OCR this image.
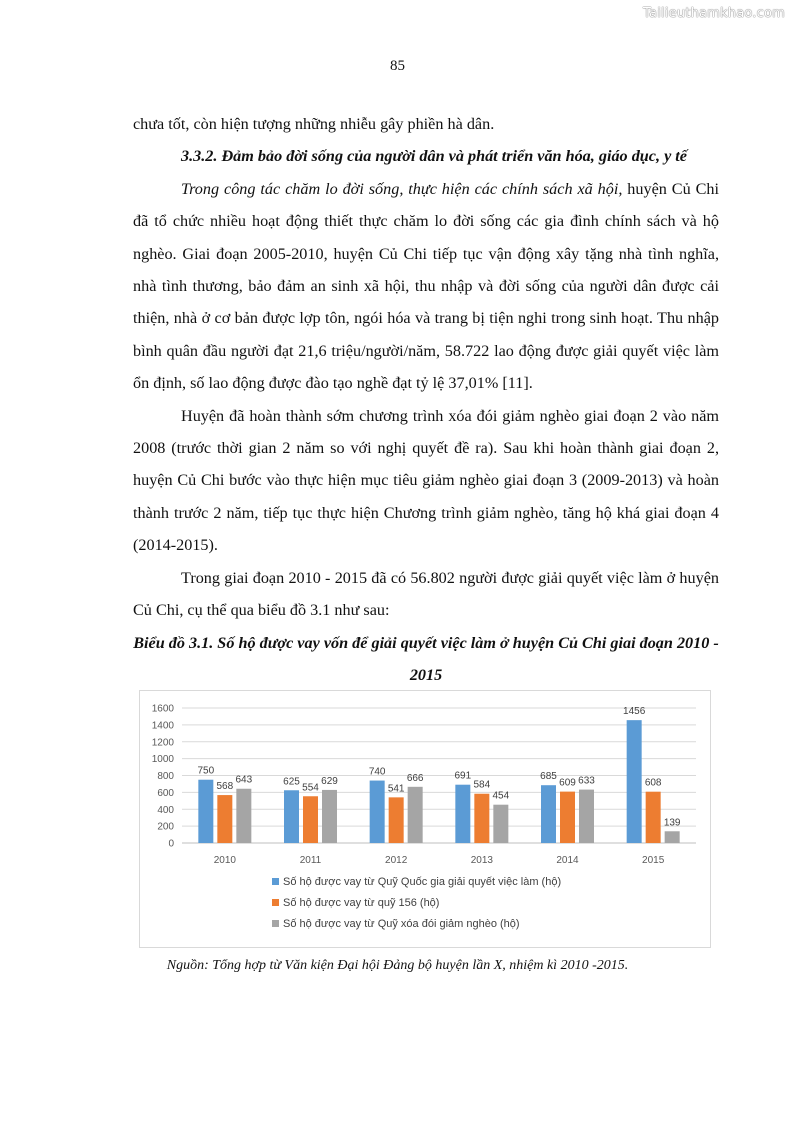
Tailieuthamkhao.com
85

chưa tốt, còn hiện tượng những nhiễu gây phiền hà dân.

3.3.2. Đảm bảo đời sống của người dân và phát triển văn hóa, giáo dục, y tế

Trong công tác chăm lo đời sống, thực hiện các chính sách xã hội, huyện Củ Chi đã tổ chức nhiều hoạt động thiết thực chăm lo đời sống các gia đình chính sách và hộ nghèo. Giai đoạn 2005-2010, huyện Củ Chi tiếp tục vận động xây tặng nhà tình nghĩa, nhà tình thương, bảo đảm an sinh xã hội, thu nhập và đời sống của người dân được cải thiện, nhà ở cơ bản được lợp tôn, ngói hóa và trang bị tiện nghi trong sinh hoạt. Thu nhập bình quân đầu người đạt 21,6 triệu/người/năm, 58.722 lao động được giải quyết việc làm ổn định, số lao động được đào tạo nghề đạt tỷ lệ 37,01% [11].

Huyện đã hoàn thành sớm chương trình xóa đói giảm nghèo giai đoạn 2 vào năm 2008 (trước thời gian 2 năm so với nghị quyết đề ra). Sau khi hoàn thành giai đoạn 2, huyện Củ Chi bước vào thực hiện mục tiêu giảm nghèo giai đoạn 3 (2009-2013) và hoàn thành trước 2 năm, tiếp tục thực hiện Chương trình giảm nghèo, tăng hộ khá giai đoạn 4 (2014-2015).

Trong giai đoạn 2010 - 2015 đã có 56.802 người được giải quyết việc làm ở huyện Củ Chi, cụ thể qua biểu đồ 3.1 như sau:

Biểu đồ 3.1. Số hộ được vay vốn để giải quyết việc làm ở huyện Củ Chi giai đoạn 2010 - 2015

0
200
400
600
800
1000
1200
1400
1600
750
568
643
2010
625
554
629
2011
740
541
666
2012
691
584
454
2013
685
609 633
2014
1456
608
139
2015
Số hộ được vay từ Quỹ Quốc gia giải quyết việc làm (hộ)
Số hộ được vay từ quỹ 156 (hộ)
Số hộ được vay từ Quỹ xóa đói giảm nghèo (hộ)
Nguồn: Tổng hợp từ Văn kiện Đại hội Đảng bộ huyện lần X, nhiệm kì 2010 -2015.
